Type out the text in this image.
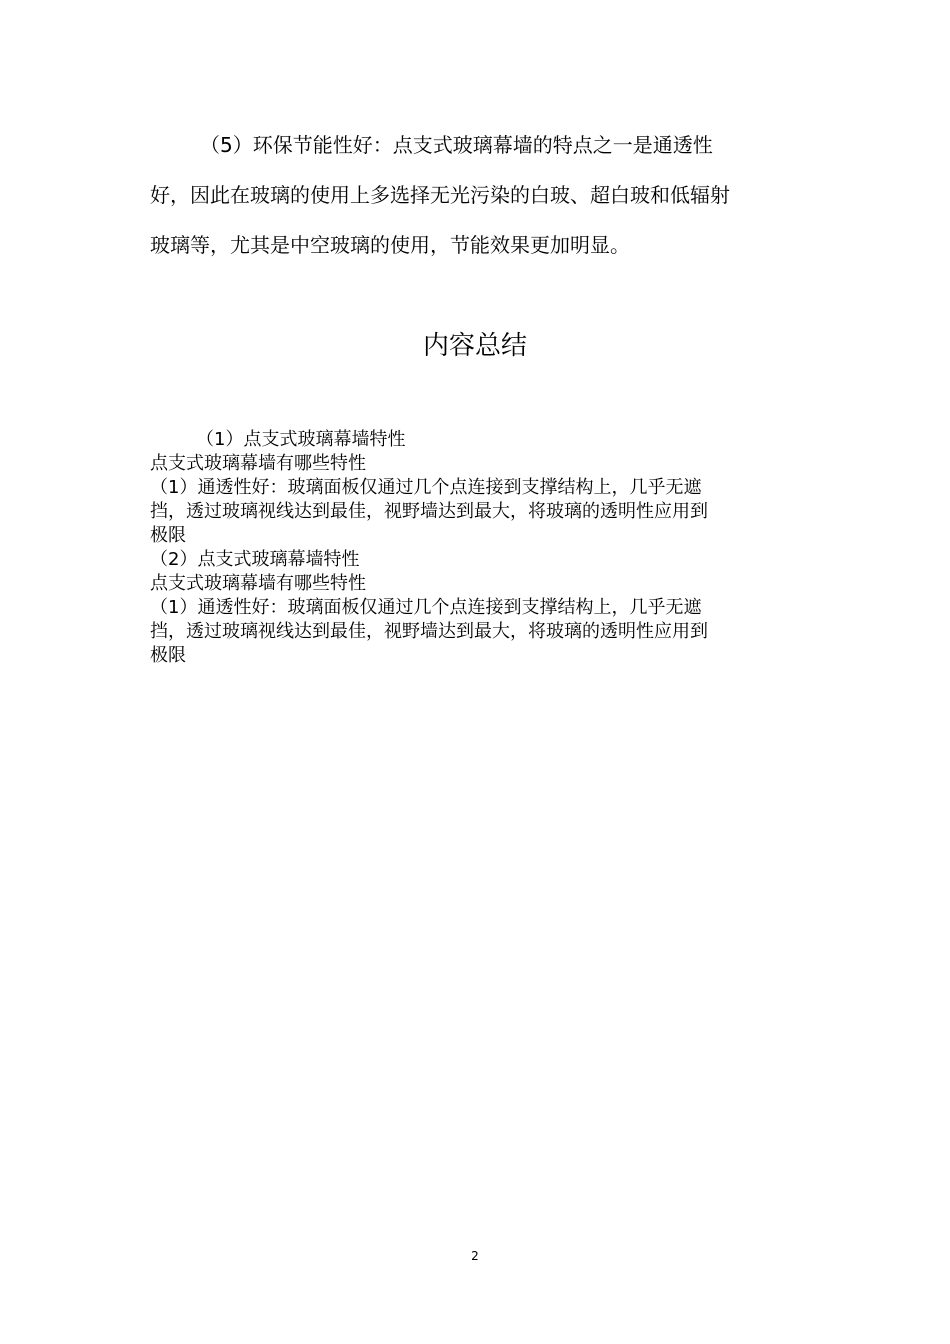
（5）环保节能性好：点支式玻璃幕墙的特点之一是通透性
好，因此在玻璃的使用上多选择无光污染的白玻、超白玻和低辐射
玻璃等，尤其是中空玻璃的使用，节能效果更加明显。

内容总结
（1）点支式玻璃幕墙特性
点支式玻璃幕墙有哪些特性
（1）通透性好：玻璃面板仅通过几个点连接到支撑结构上，几乎无遮
挡，透过玻璃视线达到最佳，视野墙达到最大，将玻璃的透明性应用到
极限
（2）点支式玻璃幕墙特性
点支式玻璃幕墙有哪些特性
（1）通透性好：玻璃面板仅通过几个点连接到支撑结构上，几乎无遮
挡，透过玻璃视线达到最佳，视野墙达到最大，将玻璃的透明性应用到
极限
2
